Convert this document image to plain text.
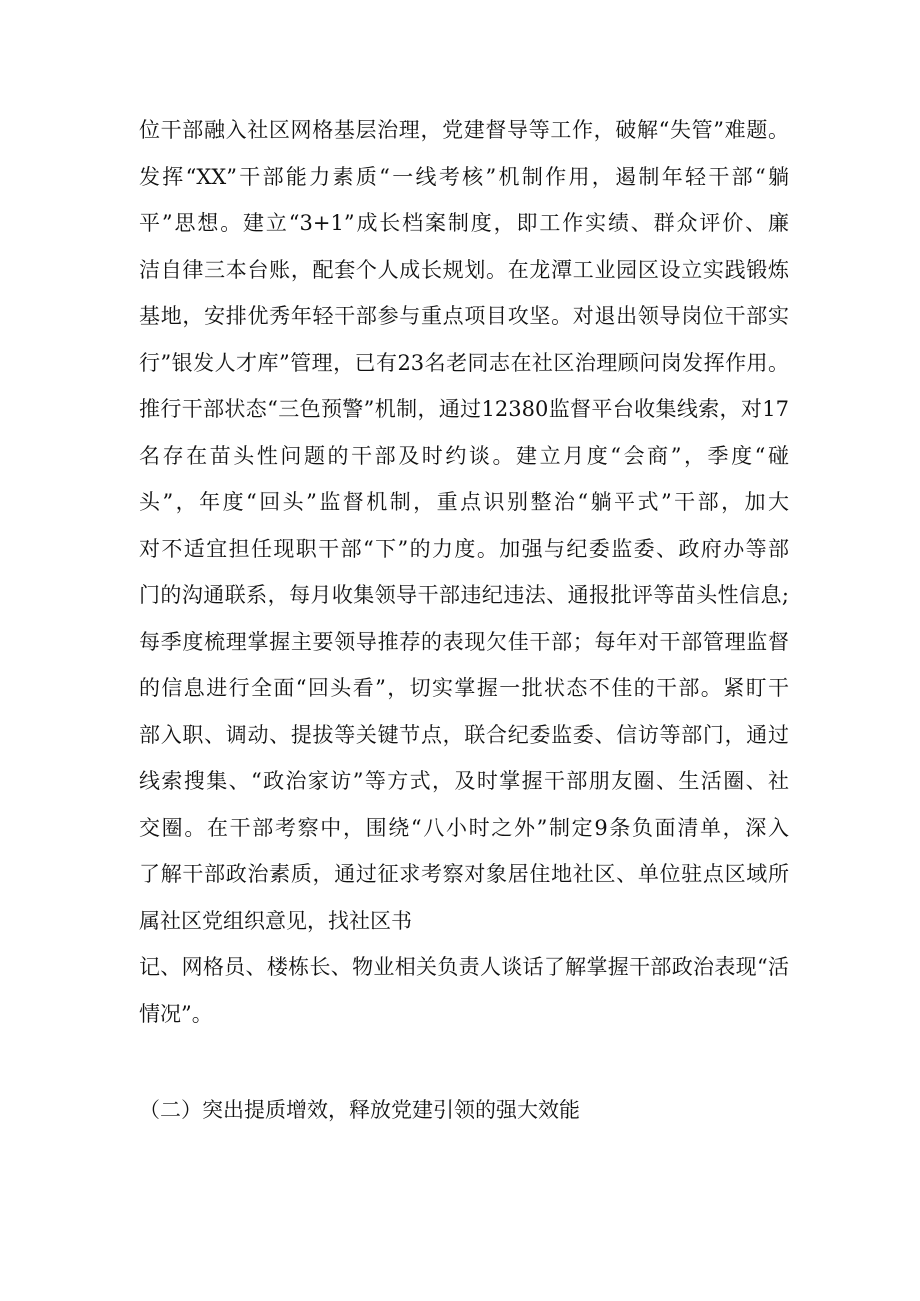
位干部融入社区网格基层治理，党建督导等工作，破解“失管”难题。
发挥“XX”干部能力素质“一线考核”机制作用，遏制年轻干部“躺
平”思想。建立“3+1”成长档案制度，即工作实绩、群众评价、廉
洁自律三本台账，配套个人成长规划。在龙潭工业园区设立实践锻炼
基地，安排优秀年轻干部参与重点项目攻坚。对退出领导岗位干部实
行”银发人才库”管理，已有23名老同志在社区治理顾问岗发挥作用。
推行干部状态“三色预警”机制，通过12380监督平台收集线索，对17
名存在苗头性问题的干部及时约谈。建立月度“会商”，季度“碰
头”，年度“回头”监督机制，重点识别整治“躺平式”干部，加大
对不适宜担任现职干部“下”的力度。加强与纪委监委、政府办等部
门的沟通联系，每月收集领导干部违纪违法、通报批评等苗头性信息;
每季度梳理掌握主要领导推荐的表现欠佳干部；每年对干部管理监督
的信息进行全面“回头看”，切实掌握一批状态不佳的干部。紧盯干
部入职、调动、提拔等关键节点，联合纪委监委、信访等部门，通过
线索搜集、“政治家访”等方式，及时掌握干部朋友圈、生活圈、社
交圈。在干部考察中，围绕“八小时之外”制定9条负面清单，深入
了解干部政治素质，通过征求考察对象居住地社区、单位驻点区域所
属社区党组织意见，找社区书
记、网格员、楼栋长、物业相关负责人谈话了解掌握干部政治表现“活
情况”。
（二）突出提质增效，释放党建引领的强大效能
